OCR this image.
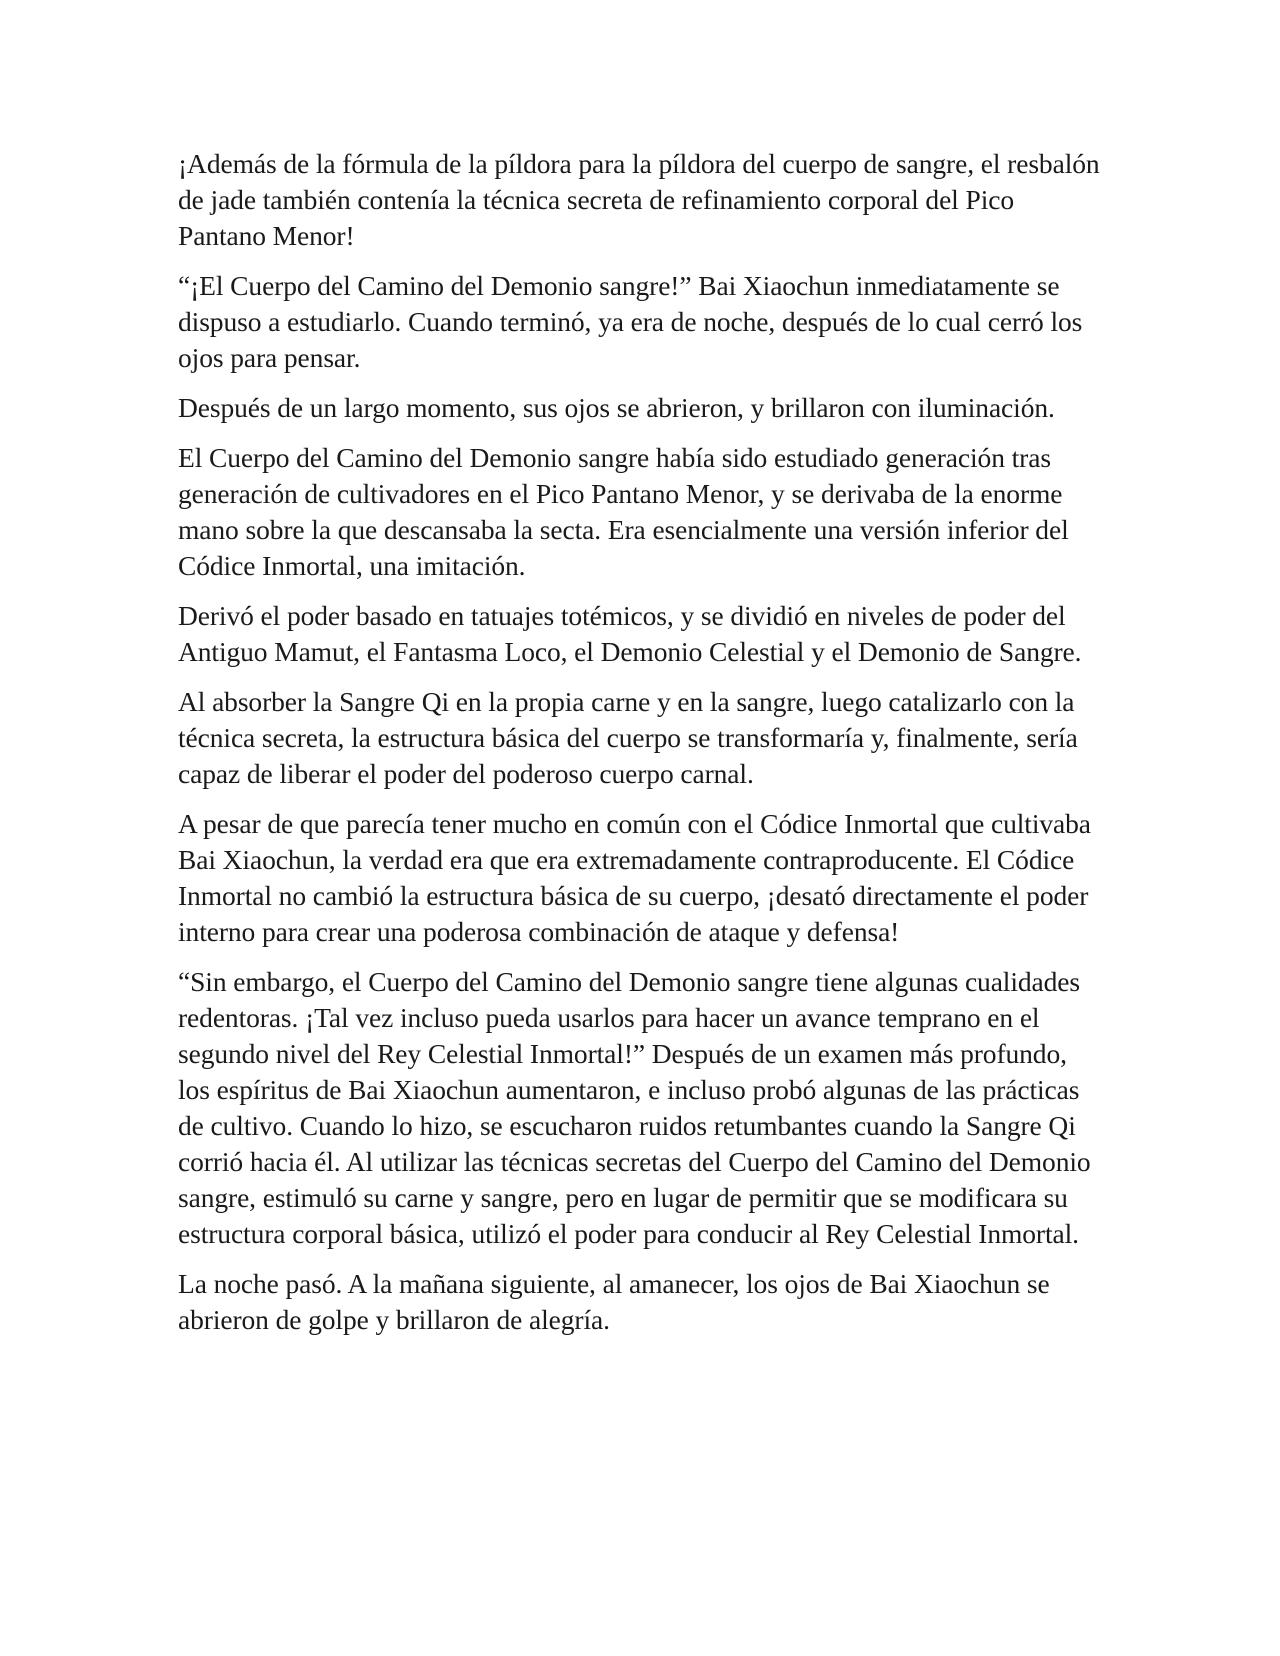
¡Además de la fórmula de la píldora para la píldora del cuerpo de sangre, el resbalón de jade también contenía la técnica secreta de refinamiento corporal del Pico Pantano Menor!

“¡El Cuerpo del Camino del Demonio sangre!” Bai Xiaochun inmediatamente se dispuso a estudiarlo. Cuando terminó, ya era de noche, después de lo cual cerró los ojos para pensar.

Después de un largo momento, sus ojos se abrieron, y brillaron con iluminación.

El Cuerpo del Camino del Demonio sangre había sido estudiado generación tras generación de cultivadores en el Pico Pantano Menor, y se derivaba de la enorme mano sobre la que descansaba la secta. Era esencialmente una versión inferior del Códice Inmortal, una imitación.

Derivó el poder basado en tatuajes totémicos, y se dividió en niveles de poder del Antiguo Mamut, el Fantasma Loco, el Demonio Celestial y el Demonio de Sangre.

Al absorber la Sangre Qi en la propia carne y en la sangre, luego catalizarlo con la técnica secreta, la estructura básica del cuerpo se transformaría y, finalmente, sería capaz de liberar el poder del poderoso cuerpo carnal.

A pesar de que parecía tener mucho en común con el Códice Inmortal que cultivaba Bai Xiaochun, la verdad era que era extremadamente contraproducente. El Códice Inmortal no cambió la estructura básica de su cuerpo, ¡desató directamente el poder interno para crear una poderosa combinación de ataque y defensa!

“Sin embargo, el Cuerpo del Camino del Demonio sangre tiene algunas cualidades redentoras. ¡Tal vez incluso pueda usarlos para hacer un avance temprano en el segundo nivel del Rey Celestial Inmortal!” Después de un examen más profundo, los espíritus de Bai Xiaochun aumentaron, e incluso probó algunas de las prácticas de cultivo. Cuando lo hizo, se escucharon ruidos retumbantes cuando la Sangre Qi corrió hacia él. Al utilizar las técnicas secretas del Cuerpo del Camino del Demonio sangre, estimuló su carne y sangre, pero en lugar de permitir que se modificara su estructura corporal básica, utilizó el poder para conducir al Rey Celestial Inmortal.

La noche pasó. A la mañana siguiente, al amanecer, los ojos de Bai Xiaochun se abrieron de golpe y brillaron de alegría.
